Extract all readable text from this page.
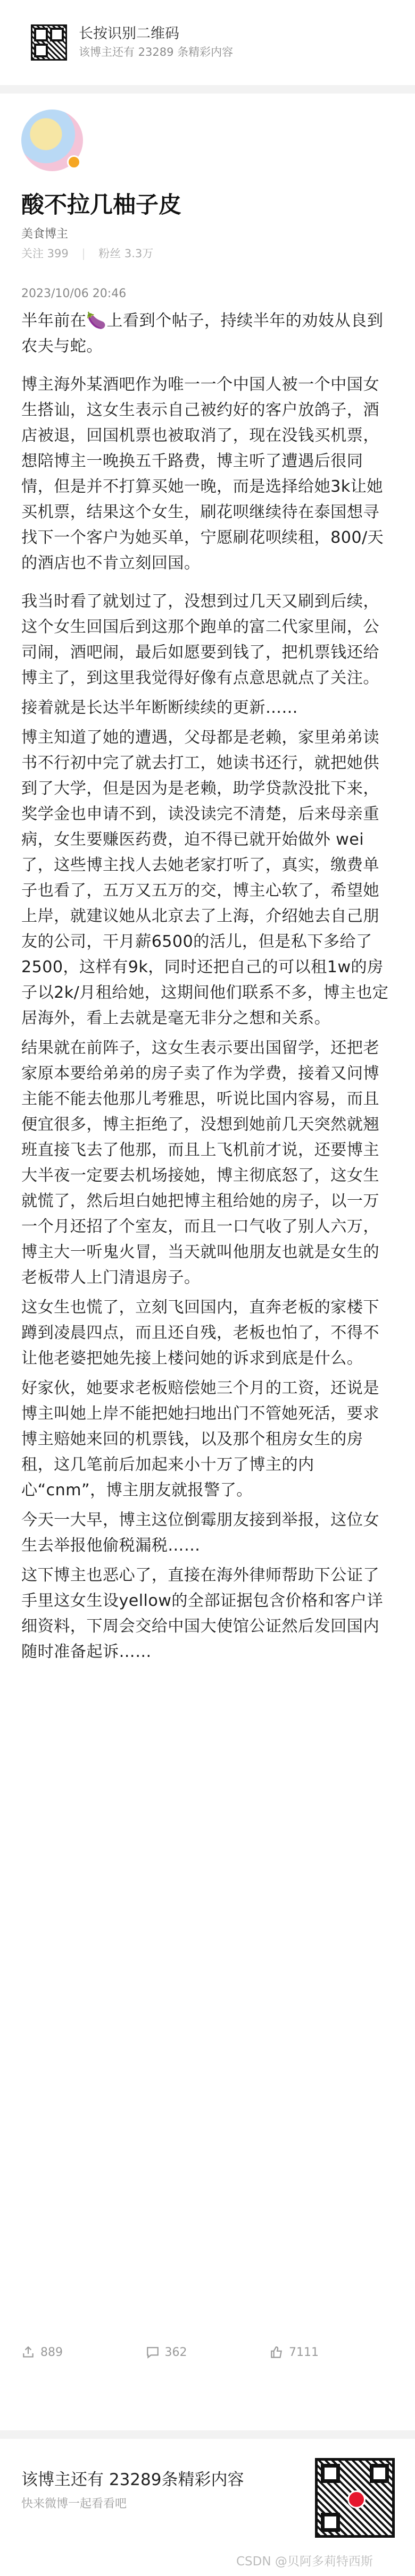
长按识别二维码
该博主还有 23289 条精彩内容
酸不拉几柚子皮
美食博主
关注 399 | 粉丝 3.3万
2023/10/06 20:46

半年前在🍆上看到个帖子，持续半年的劝妓从良到农夫与蛇。

博主海外某酒吧作为唯一一个中国人被一个中国女生搭讪，这女生表示自己被约好的客户放鸽子，酒店被退，回国机票也被取消了，现在没钱买机票，想陪博主一晚换五千路费，博主听了遭遇后很同情，但是并不打算买她一晚，而是选择给她3k让她买机票，结果这个女生，刷花呗继续待在泰国想寻找下一个客户为她买单，宁愿刷花呗续租，800/天的酒店也不肯立刻回国。

我当时看了就划过了，没想到过几天又刷到后续，这个女生回国后到这那个跑单的富二代家里闹，公司闹，酒吧闹，最后如愿要到钱了，把机票钱还给博主了，到这里我觉得好像有点意思就点了关注。

接着就是长达半年断断续续的更新……

博主知道了她的遭遇，父母都是老赖，家里弟弟读书不行初中完了就去打工，她读书还行，就把她供到了大学，但是因为是老赖，助学贷款没批下来，奖学金也申请不到，读没读完不清楚，后来母亲重病，女生要赚医药费，迫不得已就开始做外 wei 了，这些博主找人去她老家打听了，真实，缴费单子也看了，五万又五万的交，博主心软了，希望她上岸，就建议她从北京去了上海，介绍她去自己朋友的公司，干月薪6500的活儿，但是私下多给了2500，这样有9k，同时还把自己的可以租1w的房子以2k/月租给她，这期间他们联系不多，博主也定居海外，看上去就是毫无非分之想和关系。

结果就在前阵子，这女生表示要出国留学，还把老家原本要给弟弟的房子卖了作为学费，接着又问博主能不能去他那儿考雅思，听说比国内容易，而且便宜很多，博主拒绝了，没想到她前几天突然就翘班直接飞去了他那，而且上飞机前才说，还要博主大半夜一定要去机场接她，博主彻底怒了，这女生就慌了，然后坦白她把博主租给她的房子，以一万一个月还招了个室友，而且一口气收了别人六万，博主大一听鬼火冒，当天就叫他朋友也就是女生的老板带人上门清退房子。

这女生也慌了，立刻飞回国内，直奔老板的家楼下蹲到凌晨四点，而且还自残，老板也怕了，不得不让他老婆把她先接上楼问她的诉求到底是什么。

好家伙，她要求老板赔偿她三个月的工资，还说是博主叫她上岸不能把她扫地出门不管她死活，要求博主赔她来回的机票钱，以及那个租房女生的房租，这几笔前后加起来小十万了博主的内心“cnm”，博主朋友就报警了。

今天一大早，博主这位倒霉朋友接到举报，这位女生去举报他偷税漏税……

这下博主也恶心了，直接在海外律师帮助下公证了手里这女生设yellow的全部证据包含价格和客户详细资料，下周会交给中国大使馆公证然后发回国内随时准备起诉……

889	362	7111
该博主还有 23289条精彩内容
快来微博一起看看吧
CSDN @贝阿多莉特西斯
